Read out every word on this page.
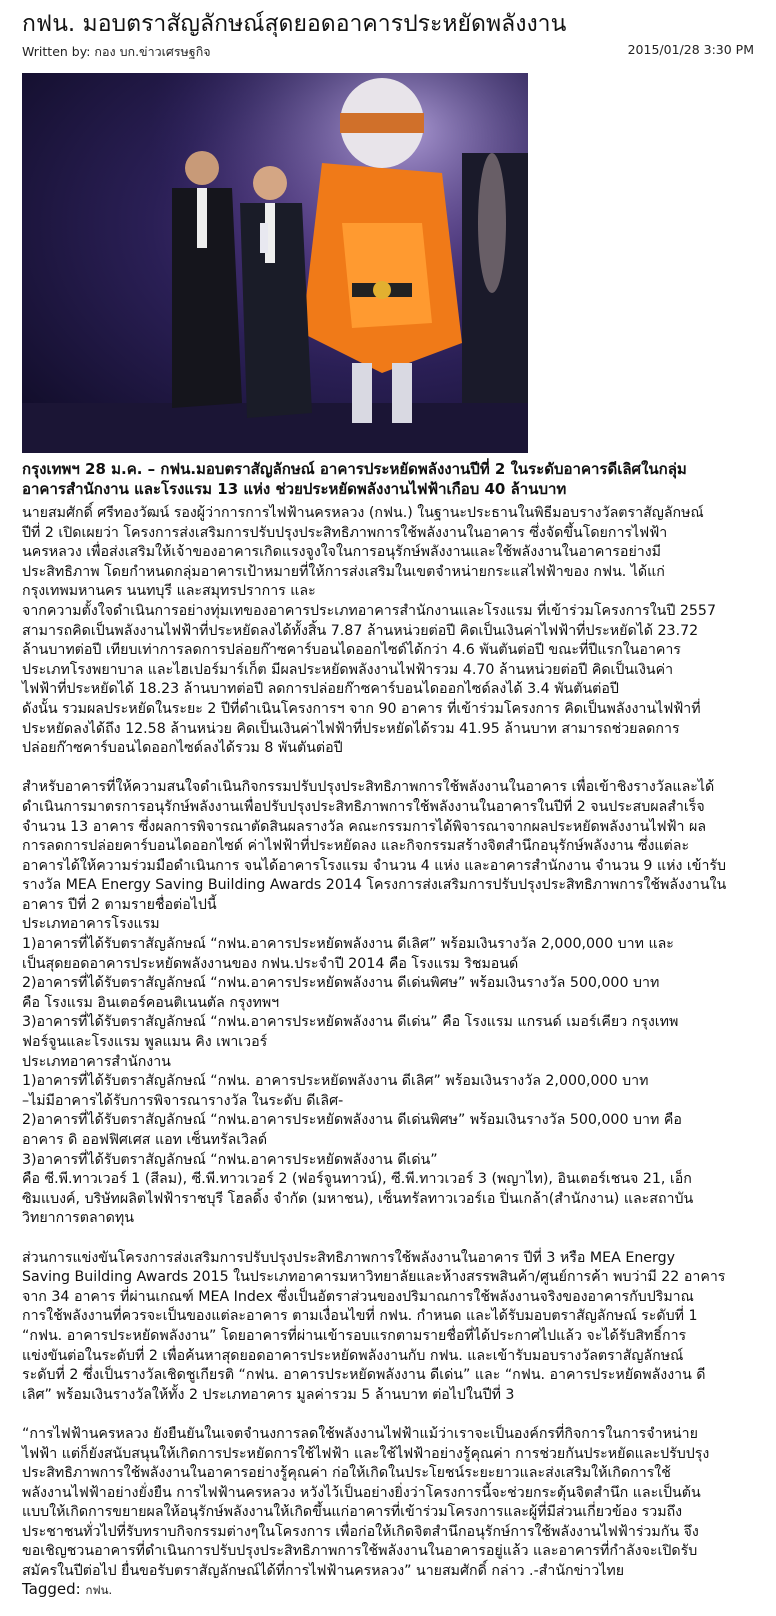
กฟน. มอบตราสัญลักษณ์สุดยอดอาคารประหยัดพลังงาน
Written by: กอง บก.ข่าวเศรษฐกิจ	2015/01/28 3:30 PM
กรุงเทพฯ 28 ม.ค. – กฟน.มอบตราสัญลักษณ์ อาคารประหยัดพลังงานปีที่ 2 ในระดับอาคารดีเลิศในกลุ่ม
อาคารสำนักงาน และโรงแรม 13 แห่ง ช่วยประหยัดพลังงานไฟฟ้าเกือบ 40 ล้านบาท
นายสมศักดิ์ ศรีทองวัฒน์ รองผู้ว่าการการไฟฟ้านครหลวง (กฟน.) ในฐานะประธานในพิธีมอบรางวัลตราสัญลักษณ์
ปีที่ 2 เปิดเผยว่า โครงการส่งเสริมการปรับปรุงประสิทธิภาพการใช้พลังงานในอาคาร ซึ่งจัดขึ้นโดยการไฟฟ้า
นครหลวง เพื่อส่งเสริมให้เจ้าของอาคารเกิดแรงจูงใจในการอนุรักษ์พลังงานและใช้พลังงานในอาคารอย่างมี
ประสิทธิภาพ โดยกำหนดกลุ่มอาคารเป้าหมายที่ให้การส่งเสริมในเขตจำหน่ายกระแสไฟฟ้าของ กฟน. ได้แก่
กรุงเทพมหานคร นนทบุรี และสมุทรปราการ และ
จากความตั้งใจดำเนินการอย่างทุ่มเทของอาคารประเภทอาคารสำนักงานและโรงแรม ที่เข้าร่วมโครงการในปี 2557
สามารถคิดเป็นพลังงานไฟฟ้าที่ประหยัดลงได้ทั้งสิ้น 7.87 ล้านหน่วยต่อปี คิดเป็นเงินค่าไฟฟ้าที่ประหยัดได้ 23.72
ล้านบาทต่อปี เทียบเท่าการลดการปล่อยก๊าซคาร์บอนไดออกไซด์ได้กว่า 4.6 พันตันต่อปี ขณะที่ปีแรกในอาคาร
ประเภทโรงพยาบาล และไฮเปอร์มาร์เก็ต มีผลประหยัดพลังงานไฟฟ้ารวม 4.70 ล้านหน่วยต่อปี คิดเป็นเงินค่า
ไฟฟ้าที่ประหยัดได้ 18.23 ล้านบาทต่อปี ลดการปล่อยก๊าซคาร์บอนไดออกไซด์ลงได้ 3.4 พันตันต่อปี
ดังนั้น รวมผลประหยัดในระยะ 2 ปีที่ดำเนินโครงการฯ จาก 90 อาคาร ที่เข้าร่วมโครงการ คิดเป็นพลังงานไฟฟ้าที่
ประหยัดลงได้ถึง 12.58 ล้านหน่วย คิดเป็นเงินค่าไฟฟ้าที่ประหยัดได้รวม 41.95 ล้านบาท สามารถช่วยลดการ
ปล่อยก๊าซคาร์บอนไดออกไซด์ลงได้รวม 8 พันตันต่อปี
สำหรับอาคารที่ให้ความสนใจดำเนินกิจกรรมปรับปรุงประสิทธิภาพการใช้พลังงานในอาคาร เพื่อเข้าชิงรางวัลและได้
ดำเนินการมาตรการอนุรักษ์พลังงานเพื่อปรับปรุงประสิทธิภาพการใช้พลังงานในอาคารในปีที่ 2 จนประสบผลสำเร็จ
จำนวน 13 อาคาร ซึ่งผลการพิจารณาตัดสินผลรางวัล คณะกรรมการได้พิจารณาจากผลประหยัดพลังงานไฟฟ้า ผล
การลดการปล่อยคาร์บอนไดออกไซด์ ค่าไฟฟ้าที่ประหยัดลง และกิจกรรมสร้างจิตสำนึกอนุรักษ์พลังงาน ซึ่งแต่ละ
อาคารได้ให้ความร่วมมือดำเนินการ จนได้อาคารโรงแรม จำนวน 4 แห่ง และอาคารสำนักงาน จำนวน 9 แห่ง เข้ารับ
รางวัล MEA Energy Saving Building Awards 2014 โครงการส่งเสริมการปรับปรุงประสิทธิภาพการใช้พลังงานใน
อาคาร ปีที่ 2 ตามรายชื่อต่อไปนี้
ประเภทอาคารโรงแรม
1)อาคารที่ได้รับตราสัญลักษณ์ “กฟน.อาคารประหยัดพลังงาน ดีเลิศ” พร้อมเงินรางวัล 2,000,000 บาท และ
เป็นสุดยอดอาคารประหยัดพลังงานของ กฟน.ประจำปี 2014 คือ โรงแรม ริชมอนด์
2)อาคารที่ได้รับตราสัญลักษณ์ “กฟน.อาคารประหยัดพลังงาน ดีเด่นพิศษ” พร้อมเงินรางวัล 500,000 บาท
คือ โรงแรม อินเตอร์คอนติเนนตัล กรุงทพฯ
3)อาคารที่ได้รับตราสัญลักษณ์ “กฟน.อาคารประหยัดพลังงาน ดีเด่น” คือ โรงแรม แกรนด์ เมอร์เคียว กรุงเทพ
ฟอร์จูนและโรงแรม พูลแมน คิง เพาเวอร์
ประเภทอาคารสำนักงาน
1)อาคารที่ได้รับตราสัญลักษณ์ “กฟน. อาคารประหยัดพลังงาน ดีเลิศ” พร้อมเงินรางวัล 2,000,000 บาท
–ไม่มีอาคารได้รับการพิจารณารางวัล ในระดับ ดีเลิศ-
2)อาคารที่ได้รับตราสัญลักษณ์ “กฟน.อาคารประหยัดพลังงาน ดีเด่นพิศษ” พร้อมเงินรางวัล 500,000 บาท คือ
อาคาร ดิ ออฟฟิศเศส แอท เซ็นทรัลเวิลด์
3)อาคารที่ได้รับตราสัญลักษณ์ “กฟน.อาคารประหยัดพลังงาน ดีเด่น”
คือ ซี.พี.ทาวเวอร์ 1 (สีลม), ซี.พี.ทาวเวอร์ 2 (ฟอร์จูนทาวน์), ซี.พี.ทาวเวอร์ 3 (พญาไท), อินเตอร์เชนจ 21, เอ็ก
ซิมแบงค์, บริษัทผลิตไฟฟ้าราชบุรี โฮลดิ้ง จำกัด (มหาชน), เซ็นทรัลทาวเวอร์เอ ปิ่นเกล้า(สำนักงาน) และสถาบัน
วิทยาการตลาดทุน
ส่วนการแข่งขันโครงการส่งเสริมการปรับปรุงประสิทธิภาพการใช้พลังงานในอาคาร ปีที่ 3 หรือ MEA Energy
Saving Building Awards 2015 ในประเภทอาคารมหาวิทยาลัยและห้างสรรพสินค้า/ศูนย์การค้า พบว่ามี 22 อาคาร
จาก 34 อาคาร ที่ผ่านเกณฑ์ MEA Index ซึ่งเป็นอัตราส่วนของปริมาณการใช้พลังงานจริงของอาคารกับปริมาณ
การใช้พลังงานที่ควรจะเป็นของแต่ละอาคาร ตามเงื่อนไขที่ กฟน. กำหนด และได้รับมอบตราสัญลักษณ์ ระดับที่ 1
“กฟน. อาคารประหยัดพลังงาน” โดยอาคารที่ผ่านเข้ารอบแรกตามรายชื่อที่ได้ประกาศไปแล้ว จะได้รับสิทธิ์การ
แข่งขันต่อในระดับที่ 2 เพื่อค้นหาสุดยอดอาคารประหยัดพลังงานกับ กฟน. และเข้ารับมอบรางวัลตราสัญลักษณ์
ระดับที่ 2 ซึ่งเป็นรางวัลเชิดชูเกียรติ “กฟน. อาคารประหยัดพลังงาน ดีเด่น” และ “กฟน. อาคารประหยัดพลังงาน ดี
เลิศ” พร้อมเงินรางวัลให้ทั้ง 2 ประเภทอาคาร มูลค่ารวม 5 ล้านบาท ต่อไปในปีที่ 3
“การไฟฟ้านครหลวง ยังยืนยันในเจตจำนงการลดใช้พลังงานไฟฟ้าแม้ว่าเราจะเป็นองค์กรที่กิจการในการจำหน่าย
ไฟฟ้า แต่ก็ยังสนับสนุนให้เกิดการประหยัดการใช้ไฟฟ้า และใช้ไฟฟ้าอย่างรู้คุณค่า การช่วยกันประหยัดและปรับปรุง
ประสิทธิภาพการใช้พลังงานในอาคารอย่างรู้คุณค่า ก่อให้เกิดในประโยชน์ระยะยาวและส่งเสริมให้เกิดการใช้
พลังงานไฟฟ้าอย่างยั่งยืน การไฟฟ้านครหลวง หวังไว้เป็นอย่างยิ่งว่าโครงการนี้จะช่วยกระตุ้นจิตสำนึก และเป็นต้น
แบบให้เกิดการขยายผลให้อนุรักษ์พลังงานให้เกิดขึ้นแก่อาคารที่เข้าร่วมโครงการและผู้ที่มีส่วนเกี่ยวข้อง รวมถึง
ประชาชนทั่วไปที่รับทราบกิจกรรมต่างๆในโครงการ เพื่อก่อให้เกิดจิตสำนึกอนุรักษ์การใช้พลังงานไฟฟ้าร่วมกัน จึง
ขอเชิญชวนอาคารที่ดำเนินการปรับปรุงประสิทธิภาพการใช้พลังงานในอาคารอยู่แล้ว และอาคารที่กำลังจะเปิดรับ
สมัครในปีต่อไป ยื่นขอรับตราสัญลักษณ์ได้ที่การไฟฟ้านครหลวง” นายสมศักดิ์ กล่าว .-สำนักข่าวไทย
Tagged: กฟน.
